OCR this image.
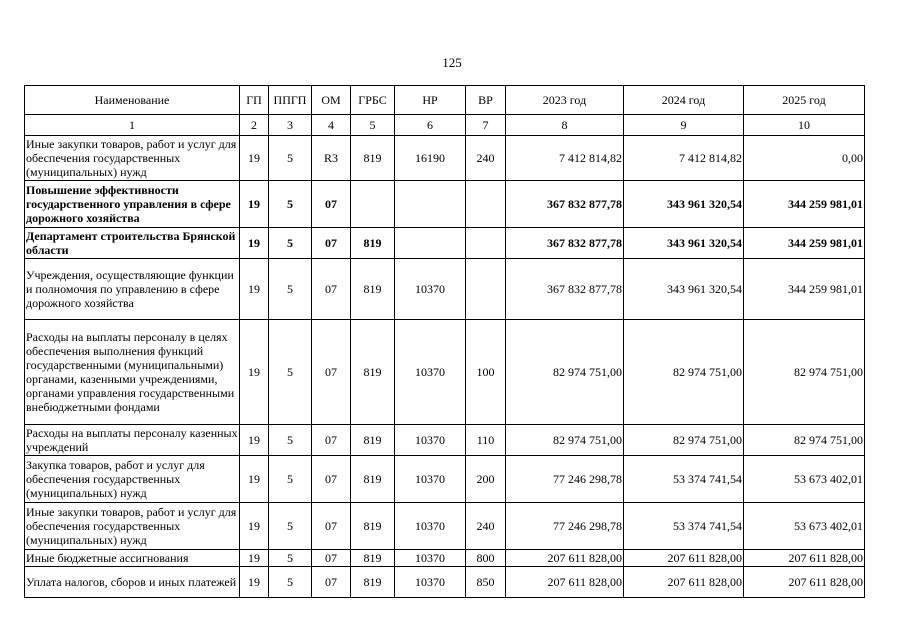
125
Наименование	ГП	ППГП	ОМ	ГРБС	НР	ВР	2023 год	2024 год	2025 год
1	2	3	4	5	6	7	8	9	10
Иные закупки товаров, работ и услуг для обеспечения государственных (муниципальных) нужд	19	5	R3	819	16190	240	7 412 814,82	7 412 814,82	0,00
Повышение эффективности государственного управления в сфере дорожного хозяйства	19	5	07				367 832 877,78	343 961 320,54	344 259 981,01
Департамент строительства Брянской области	19	5	07	819			367 832 877,78	343 961 320,54	344 259 981,01
Учреждения, осуществляющие функции и полномочия по управлению в сфере дорожного хозяйства	19	5	07	819	10370		367 832 877,78	343 961 320,54	344 259 981,01
Расходы на выплаты персоналу в целях обеспечения выполнения функций государственными (муниципальными) органами, казенными учреждениями, органами управления государственными внебюджетными фондами	19	5	07	819	10370	100	82 974 751,00	82 974 751,00	82 974 751,00
Расходы на выплаты персоналу казенных учреждений	19	5	07	819	10370	110	82 974 751,00	82 974 751,00	82 974 751,00
Закупка товаров, работ и услуг для обеспечения государственных (муниципальных) нужд	19	5	07	819	10370	200	77 246 298,78	53 374 741,54	53 673 402,01
Иные закупки товаров, работ и услуг для обеспечения государственных (муниципальных) нужд	19	5	07	819	10370	240	77 246 298,78	53 374 741,54	53 673 402,01
Иные бюджетные ассигнования	19	5	07	819	10370	800	207 611 828,00	207 611 828,00	207 611 828,00
Уплата налогов, сборов и иных платежей	19	5	07	819	10370	850	207 611 828,00	207 611 828,00	207 611 828,00
